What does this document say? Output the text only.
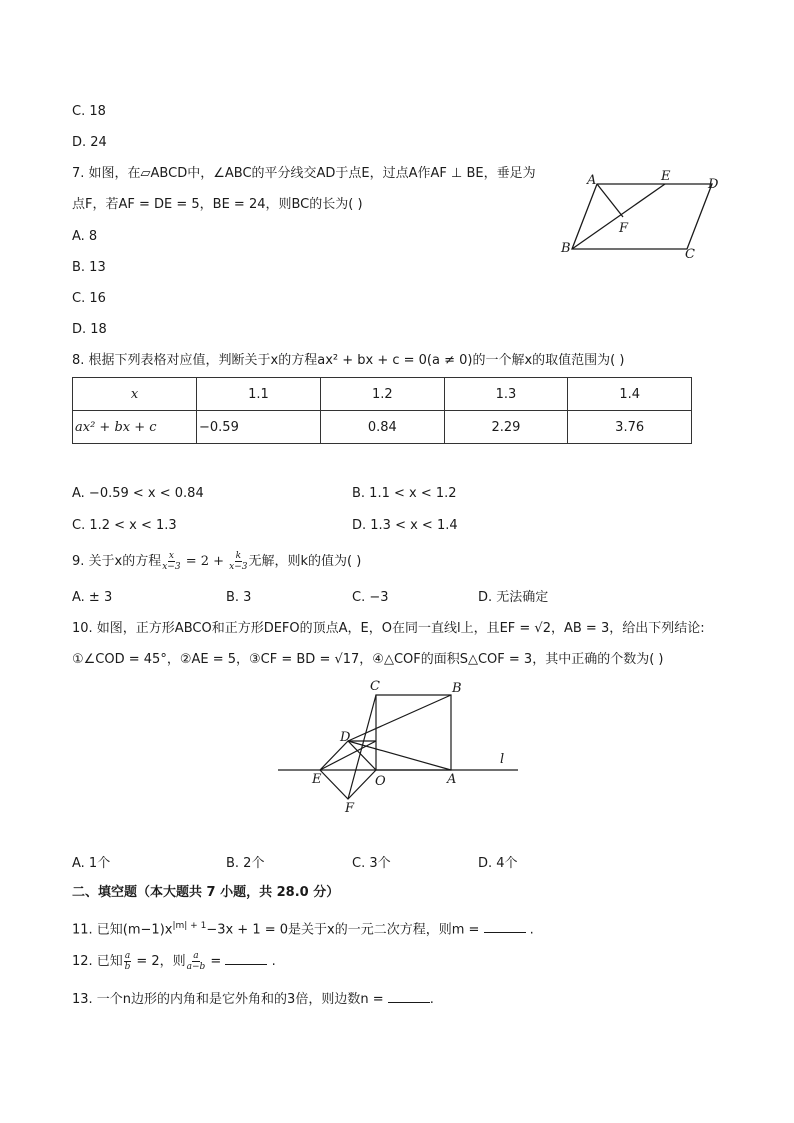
C. 18
D. 24
7. 如图，在▱ABCD中，∠ABC的平分线交AD于点E，过点A作AF ⊥ BE，垂足为
点F，若AF = DE = 5，BE = 24，则BC的长为( )
A. 8
B. 13
C. 16
D. 18
A	E
D
F
B	C
8. 根据下列表格对应值，判断关于x的方程ax² + bx + c = 0(a ≠ 0)的一个解x的取值范围为( )
x	1.1	1.2	1.3	1.4
ax² + bx + c	−0.59	0.84	2.29	3.76
A. −0.59 < x < 0.84	B. 1.1 < x < 1.2
C. 1.2 < x < 1.3	D. 1.3 < x < 1.4
9. 关于x的方程 $\frac{x}{x-3} = 2 + \frac{k}{x-3}$ 无解，则k的值为( )
A. ± 3	B. 3	C. −3	D. 无法确定
10. 如图，正方形ABCO和正方形DEFO的顶点A，E，O在同一直线l上，且EF = √2，AB = 3，给出下列结论:
①∠COD = 45°，②AE = 5，③CF = BD = √17，④△COF的面积S△COF = 3，其中正确的个数为( )
C	B
D
l
E	O	A
F
A. 1个	B. 2个	C. 3个	D. 4个
二、填空题（本大题共 7 小题，共 28.0 分）
11. 已知$(m-1)x^{|m| + 1}-3x + 1 = 0$是关于x的一元二次方程，则m =	.
12. 已知 $\frac{a}{b} = 2$，则 $\frac{a}{a-b}$ =	.
13. 一个n边形的内角和是它外角和的3倍，则边数n =	.
